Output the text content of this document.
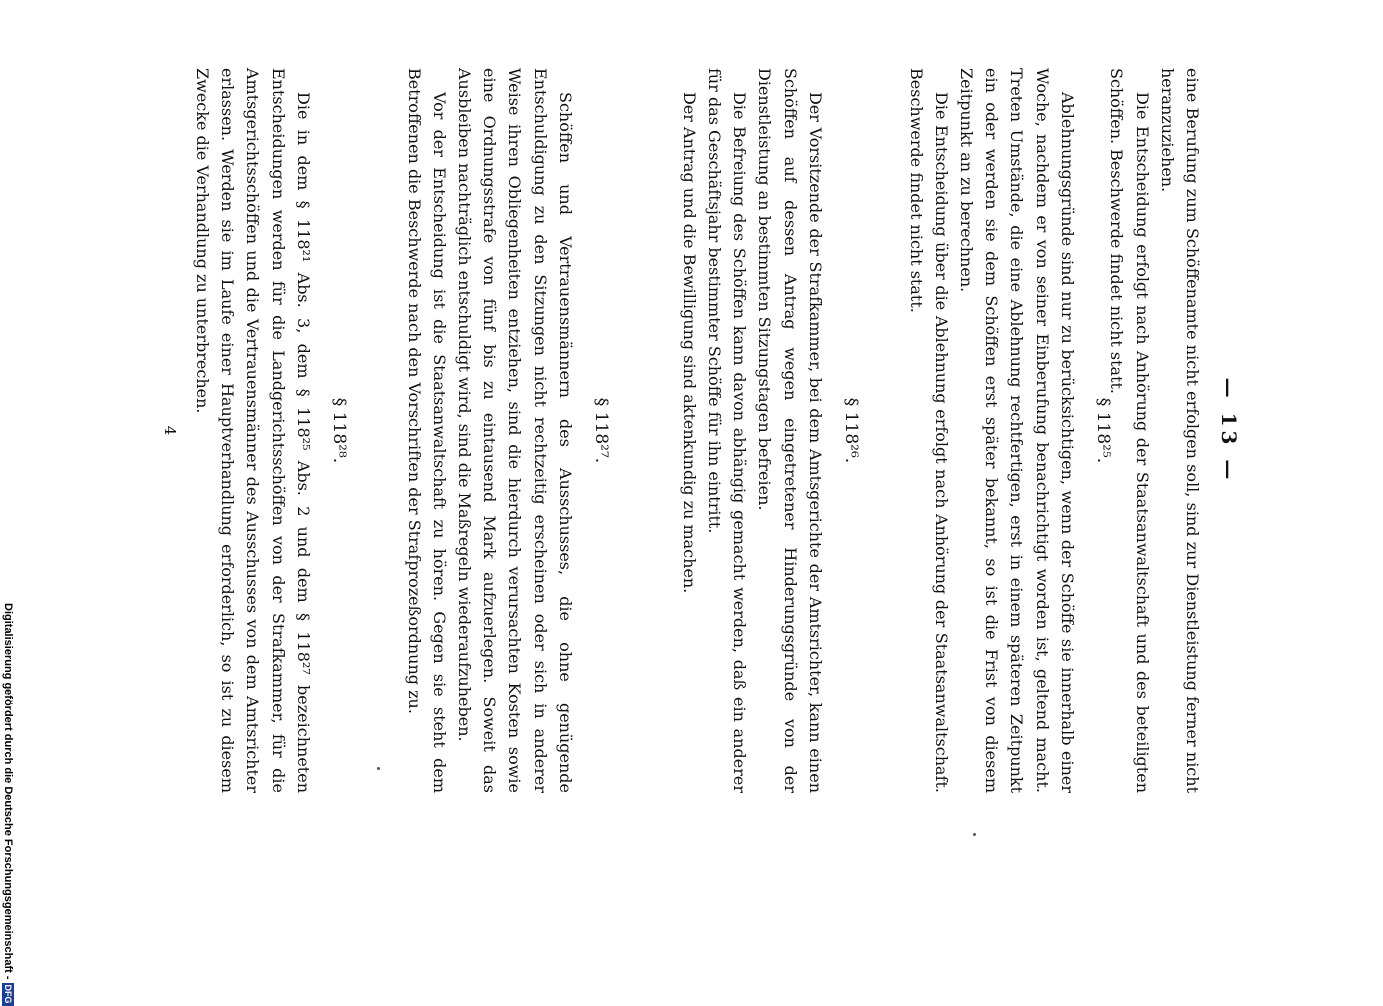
— 13 —

eine Berufung zum Schöffenamte nicht erfolgen soll, sind zur Dienstleistung ferner nicht heranzuziehen.

Die Entscheidung erfolgt nach Anhörung der Staatsanwaltschaft und des beteiligten Schöffen. Beschwerde findet nicht statt.

§ 118²⁵.

Ablehnungsgründe sind nur zu berücksichtigen, wenn der Schöffe sie innerhalb einer Woche, nachdem er von seiner Einberufung benachrichtigt worden ist, geltend macht. Treten Umstände, die eine Ablehnung rechtfertigen, erst in einem späteren Zeitpunkt ein oder werden sie dem Schöffen erst später bekannt, so ist die Frist von diesem Zeitpunkt an zu berechnen.

Die Entscheidung über die Ablehnung erfolgt nach Anhörung der Staatsanwaltschaft. Beschwerde findet nicht statt.

§ 118²⁶.

Der Vorsitzende der Strafkammer, bei dem Amtsgerichte der Amtsrichter, kann einen Schöffen auf dessen Antrag wegen eingetretener Hinderungsgründe von der Dienstleistung an bestimmten Sitzungstagen befreien.

Die Befreiung des Schöffen kann davon abhängig gemacht werden, daß ein anderer für das Geschäftsjahr bestimmter Schöffe für ihn eintritt.

Der Antrag und die Bewilligung sind aktenkundig zu machen.

§ 118²⁷.

Schöffen und Vertrauensmännern des Ausschusses, die ohne genügende Entschuldigung zu den Sitzungen nicht rechtzeitig erscheinen oder sich in anderer Weise ihren Obliegenheiten entziehen, sind die hierdurch verursachten Kosten sowie eine Ordnungsstrafe von fünf bis zu eintausend Mark aufzuerlegen. Soweit das Ausbleiben nachträglich entschuldigt wird, sind die Maßregeln wiederaufzuheben.

Vor der Entscheidung ist die Staatsanwaltschaft zu hören. Gegen sie steht dem Betroffenen die Beschwerde nach den Vorschriften der Strafprozeßordnung zu.

§ 118²⁸.

Die in dem § 118²¹ Abs. 3, dem § 118²⁵ Abs. 2 und dem § 118²⁷ bezeichneten Entscheidungen werden für die Landgerichtsschöffen von der Strafkammer, für die Amtsgerichtsschöffen und die Vertrauensmänner des Ausschusses von dem Amtsrichter erlassen. Werden sie im Laufe einer Hauptverhandlung erforderlich, so ist zu diesem Zwecke die Verhandlung zu unterbrechen.

4
Digitalisierung gefördert durch die Deutsche Forschungsgemeinschaft -
DFG
